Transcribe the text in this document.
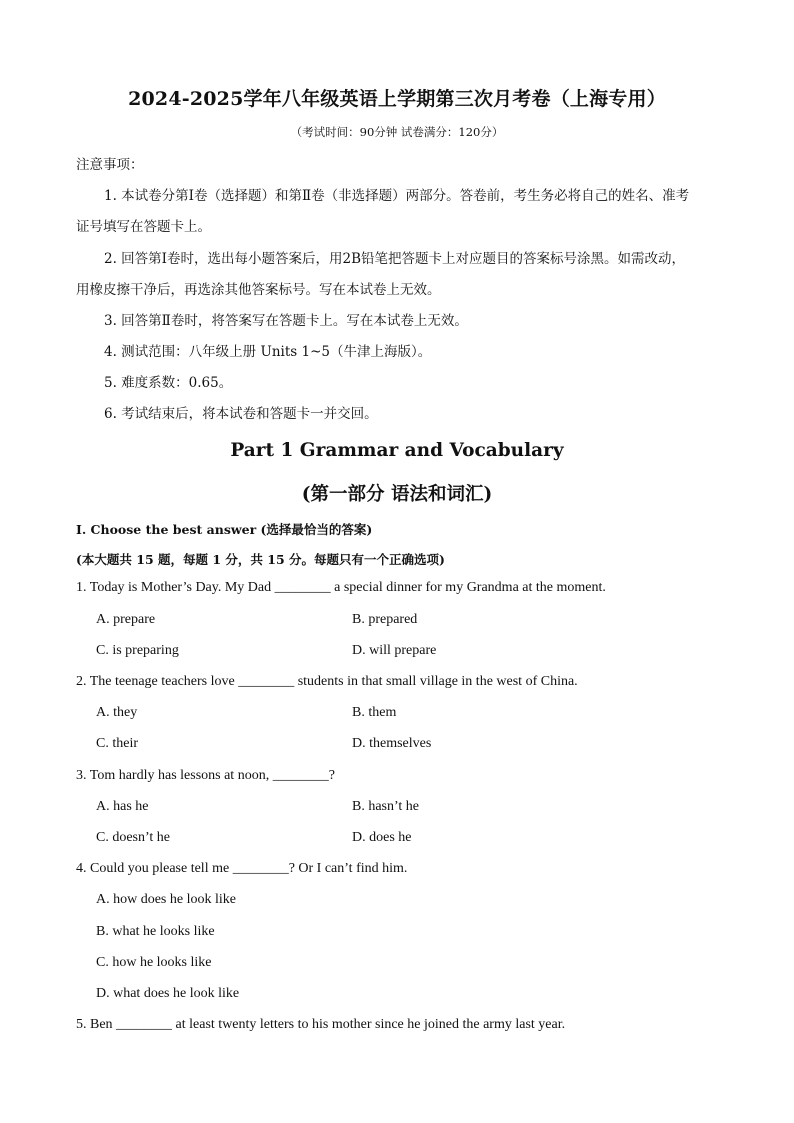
2024-2025学年八年级英语上学期第三次月考卷（上海专用）
（考试时间：90分钟 试卷满分：120分）
注意事项：
1. 本试卷分第Ⅰ卷（选择题）和第Ⅱ卷（非选择题）两部分。答卷前，考生务必将自己的姓名、准考
证号填写在答题卡上。
2. 回答第Ⅰ卷时，选出每小题答案后，用2B铅笔把答题卡上对应题目的答案标号涂黑。如需改动，
用橡皮擦干净后，再选涂其他答案标号。写在本试卷上无效。
3. 回答第Ⅱ卷时，将答案写在答题卡上。写在本试卷上无效。
4. 测试范围：八年级上册 Units 1~5（牛津上海版）。
5. 难度系数：0.65。
6. 考试结束后，将本试卷和答题卡一并交回。
Part 1 Grammar and Vocabulary
(第一部分 语法和词汇)
I. Choose the best answer (选择最恰当的答案)
(本大题共 15 题，每题 1 分，共 15 分。每题只有一个正确选项)
1. Today is Mother’s Day. My Dad ________ a special dinner for my Grandma at the moment.
A. prepare	B. prepared
C. is preparing	D. will prepare
2. The teenage teachers love ________ students in that small village in the west of China.
A. they	B. them
C. their	D. themselves
3. Tom hardly has lessons at noon, ________?
A. has he	B. hasn’t he
C. doesn’t he	D. does he
4. Could you please tell me ________? Or I can’t find him.
A. how does he look like
B. what he looks like
C. how he looks like
D. what does he look like
5. Ben ________ at least twenty letters to his mother since he joined the army last year.
